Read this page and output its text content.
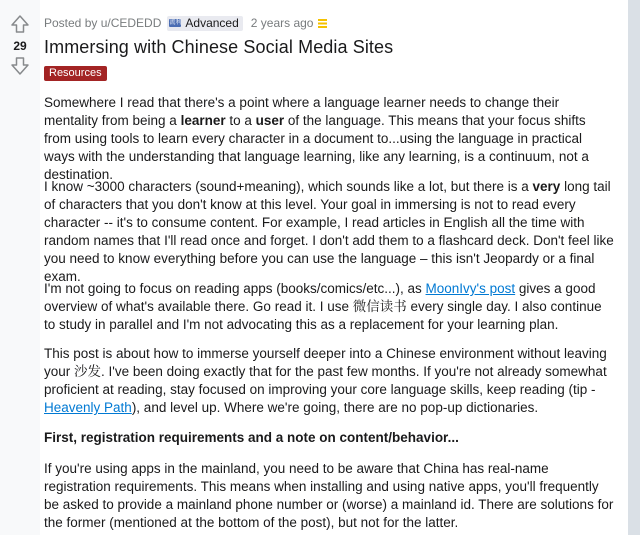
29
Posted by u/CEDEDD 流利 Advanced 2 years ago
Immersing with Chinese Social Media Sites
Resources

Somewhere I read that there's a point where a language learner needs to change their mentality from being a learner to a user of the language. This means that your focus shifts from using tools to learn every character in a document to...using the language in practical ways with the understanding that language learning, like any learning, is a continuum, not a destination.

I know ~3000 characters (sound+meaning), which sounds like a lot, but there is a very long tail of characters that you don't know at this level. Your goal in immersing is not to read every character -- it's to consume content. For example, I read articles in English all the time with random names that I'll read once and forget. I don't add them to a flashcard deck. Don't feel like you need to know everything before you can use the language – this isn't Jeopardy or a final exam.

I'm not going to focus on reading apps (books/comics/etc...), as MoonIvy's post gives a good overview of what's available there. Go read it. I use 微信读书 every single day. I also continue to study in parallel and I'm not advocating this as a replacement for your learning plan.

This post is about how to immerse yourself deeper into a Chinese environment without leaving your 沙发. I've been doing exactly that for the past few months. If you're not already somewhat proficient at reading, stay focused on improving your core language skills, keep reading (tip - Heavenly Path), and level up. Where we're going, there are no pop-up dictionaries.

First, registration requirements and a note on content/behavior...

If you're using apps in the mainland, you need to be aware that China has real-name registration requirements. This means when installing and using native apps, you'll frequently be asked to provide a mainland phone number or (worse) a mainland id. There are solutions for the former (mentioned at the bottom of the post), but not for the latter.
